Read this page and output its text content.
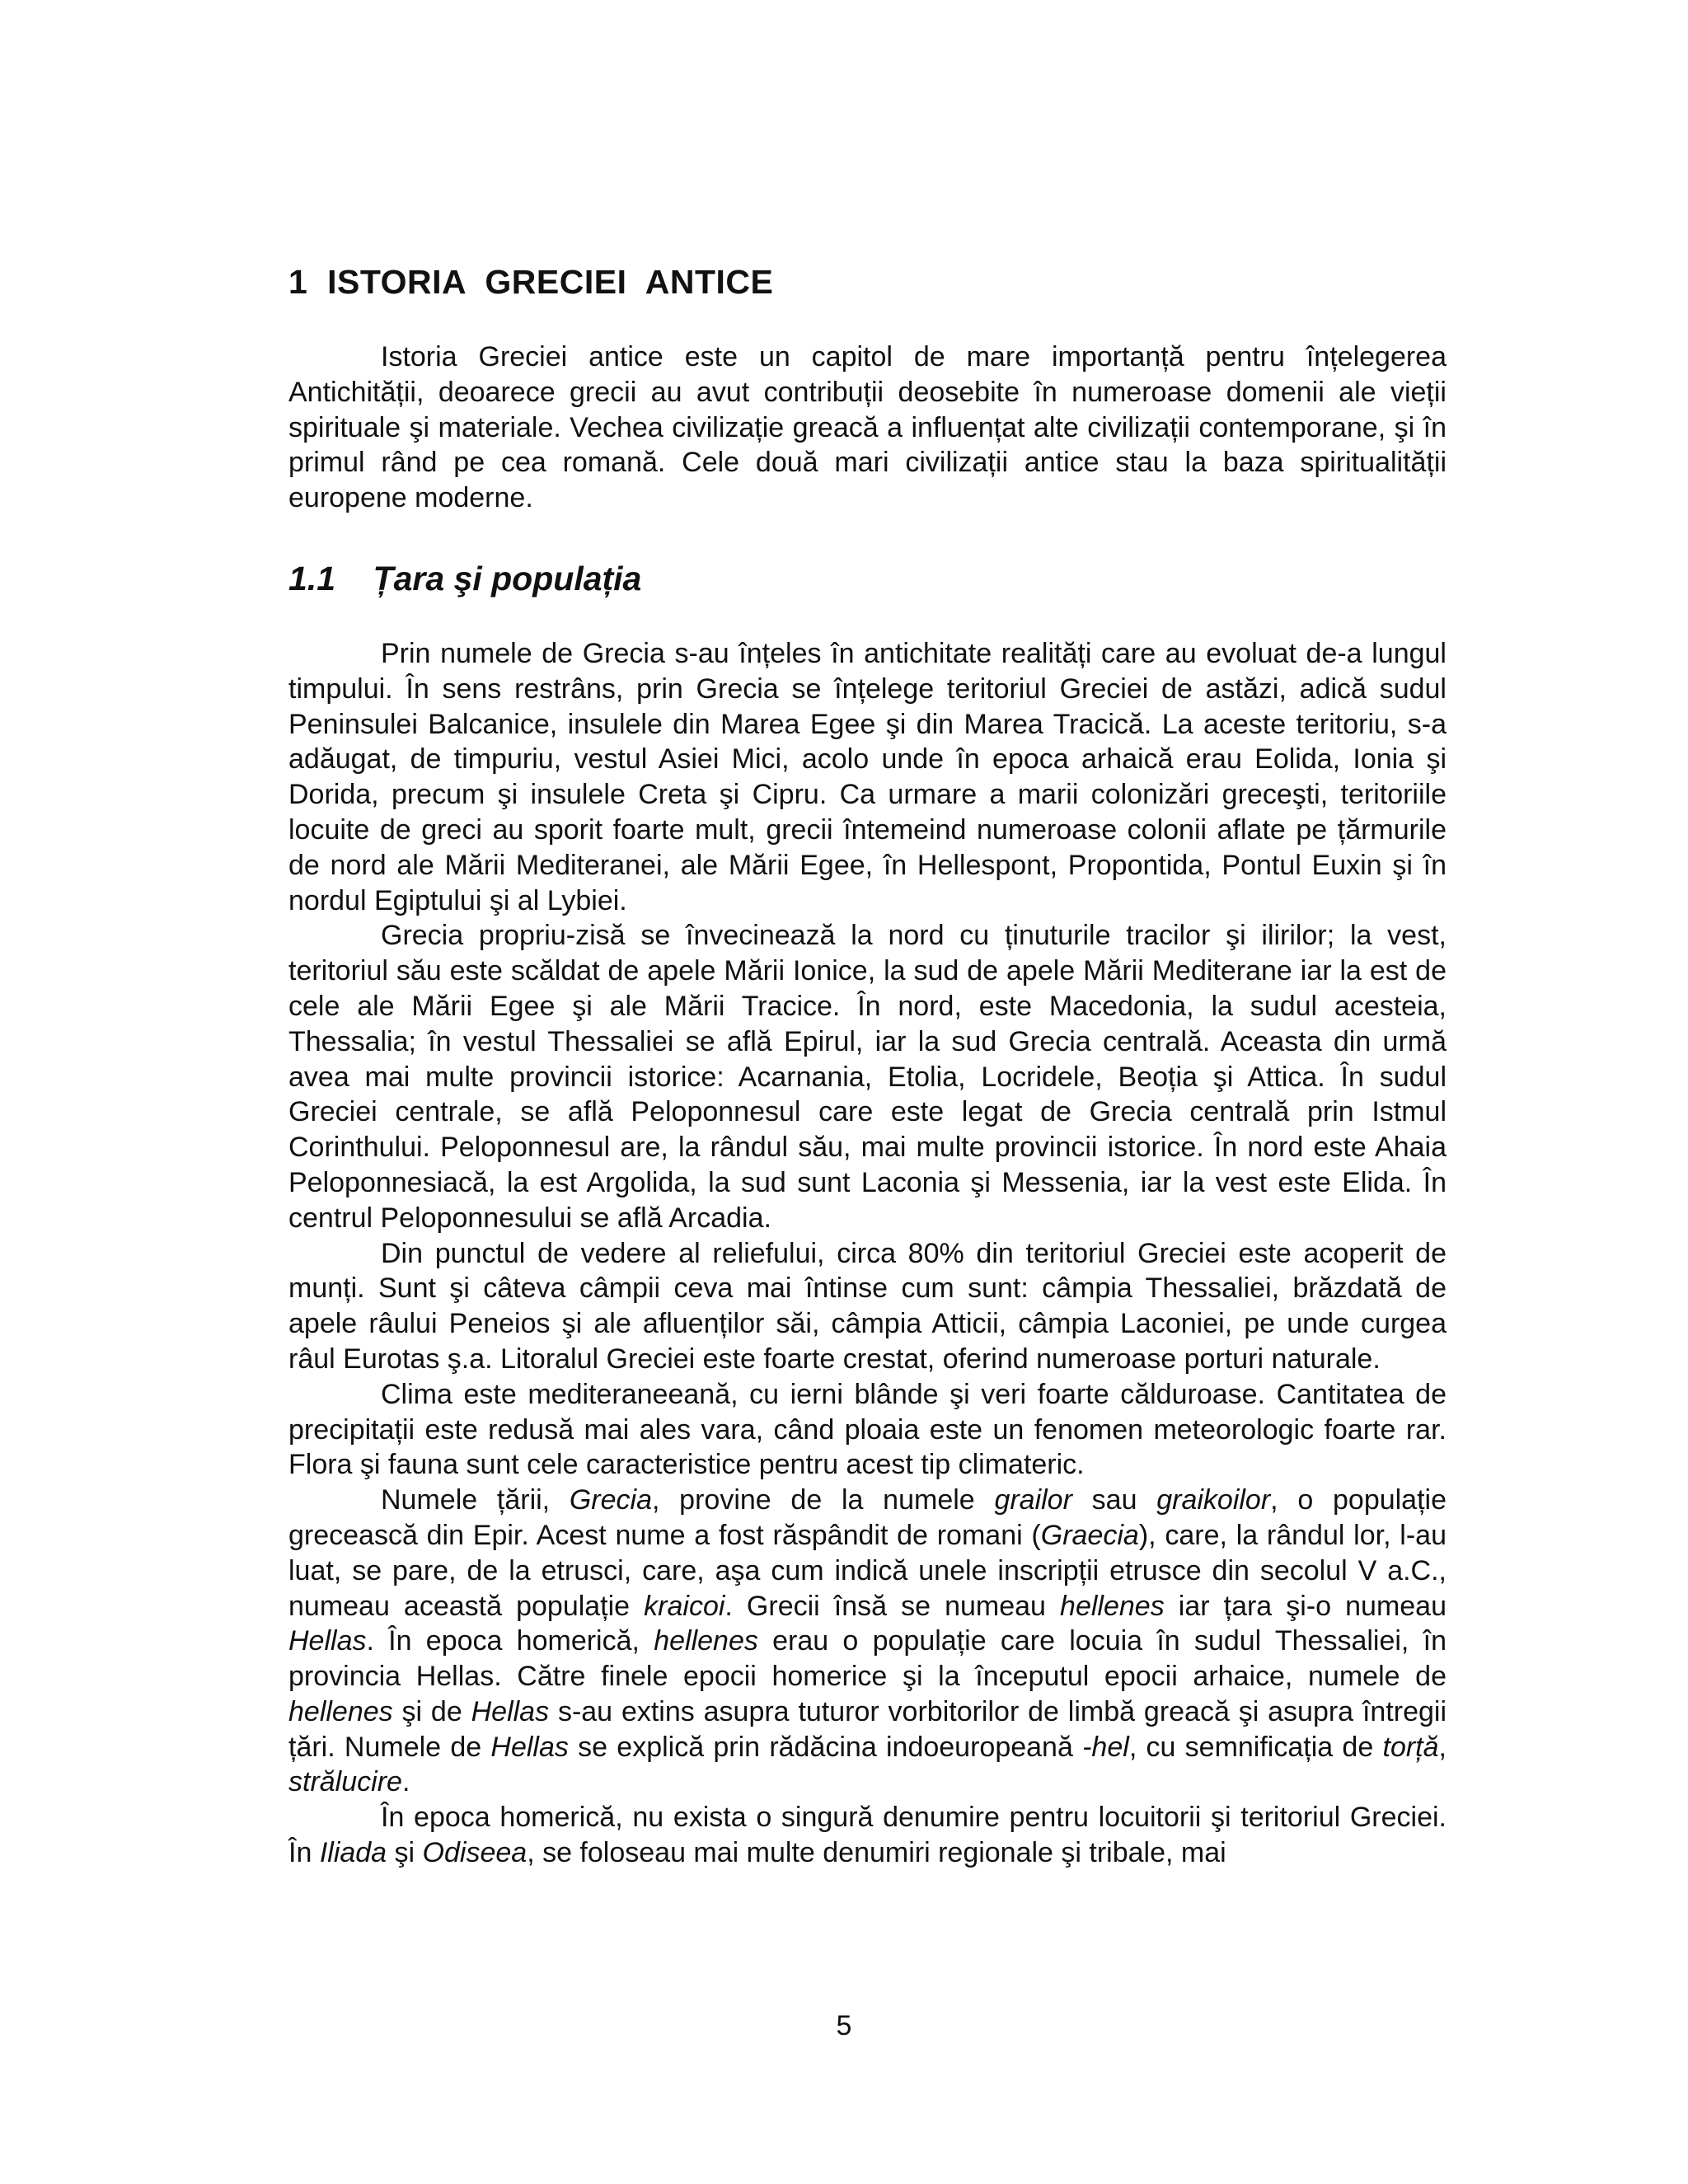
1  ISTORIA  GRECIEI  ANTICE

Istoria Greciei antice este un capitol de mare importanță pentru înțelegerea Antichității, deoarece grecii au avut contribuții deosebite în numeroase domenii ale vieții spirituale şi materiale. Vechea civilizație greacă a influențat alte civilizații contemporane, şi în primul rând pe cea romană. Cele două mari civilizații antice stau la baza spiritualității europene moderne.

1.1    Țara şi populația

Prin numele de Grecia s-au înțeles în antichitate realități care au evoluat de-a lungul timpului. În sens restrâns, prin Grecia se înțelege teritoriul Greciei de astăzi, adică sudul Peninsulei Balcanice, insulele din Marea Egee şi din Marea Tracică. La aceste teritoriu, s-a adăugat, de timpuriu, vestul Asiei Mici, acolo unde în epoca arhaică erau Eolida, Ionia şi Dorida, precum şi insulele Creta şi Cipru. Ca urmare a marii colonizări greceşti, teritoriile locuite de greci au sporit foarte mult, grecii întemeind numeroase colonii aflate pe țărmurile de nord ale Mării Mediteranei, ale Mării Egee, în Hellespont, Propontida, Pontul Euxin şi în nordul Egiptului şi al Lybiei.

Grecia propriu-zisă se învecinează la nord cu ținuturile tracilor şi ilirilor; la vest, teritoriul său este scăldat de apele Mării Ionice, la sud de apele Mării Mediterane iar la est de cele ale Mării Egee şi ale Mării Tracice. În nord, este Macedonia, la sudul acesteia, Thessalia; în vestul Thessaliei se află Epirul, iar la sud Grecia centrală. Aceasta din urmă avea mai multe provincii istorice: Acarnania, Etolia, Locridele, Beoția şi Attica. În sudul Greciei centrale, se află Peloponnesul care este legat de Grecia centrală prin Istmul Corinthului. Peloponnesul are, la rândul său, mai multe provincii istorice. În nord este Ahaia Peloponnesiacă, la est Argolida, la sud sunt Laconia şi Messenia, iar la vest este Elida. În centrul Peloponnesului se află Arcadia.

Din punctul de vedere al reliefului, circa 80% din teritoriul Greciei este acoperit de munți. Sunt şi câteva câmpii ceva mai întinse cum sunt: câmpia Thessaliei, brăzdată de apele râului Peneios şi ale afluenților săi, câmpia Atticii, câmpia Laconiei, pe unde curgea râul Eurotas ş.a. Litoralul Greciei este foarte crestat, oferind numeroase porturi naturale.

Clima este mediteraneeană, cu ierni blânde şi veri foarte călduroase. Cantitatea de precipitații este redusă mai ales vara, când ploaia este un fenomen meteorologic foarte rar. Flora şi fauna sunt cele caracteristice pentru acest tip climateric.

Numele țării, Grecia, provine de la numele grailor sau graikoilor, o populație grecească din Epir. Acest nume a fost răspândit de romani (Graecia), care, la rândul lor, l-au luat, se pare, de la etrusci, care, aşa cum indică unele inscripții etrusce din secolul V a.C., numeau această populație kraicoi. Grecii însă se numeau hellenes iar țara şi-o numeau Hellas. În epoca homerică, hellenes erau o populație care locuia în sudul Thessaliei, în provincia Hellas. Către finele epocii homerice şi la începutul epocii arhaice, numele de hellenes şi de Hellas s-au extins asupra tuturor vorbitorilor de limbă greacă şi asupra întregii țări. Numele de Hellas se explică prin rădăcina indoeuropeană -hel, cu semnificația de torță, strălucire.

În epoca homerică, nu exista o singură denumire pentru locuitorii şi teritoriul Greciei. În Iliada şi Odiseea, se foloseau mai multe denumiri regionale şi tribale, mai

5
